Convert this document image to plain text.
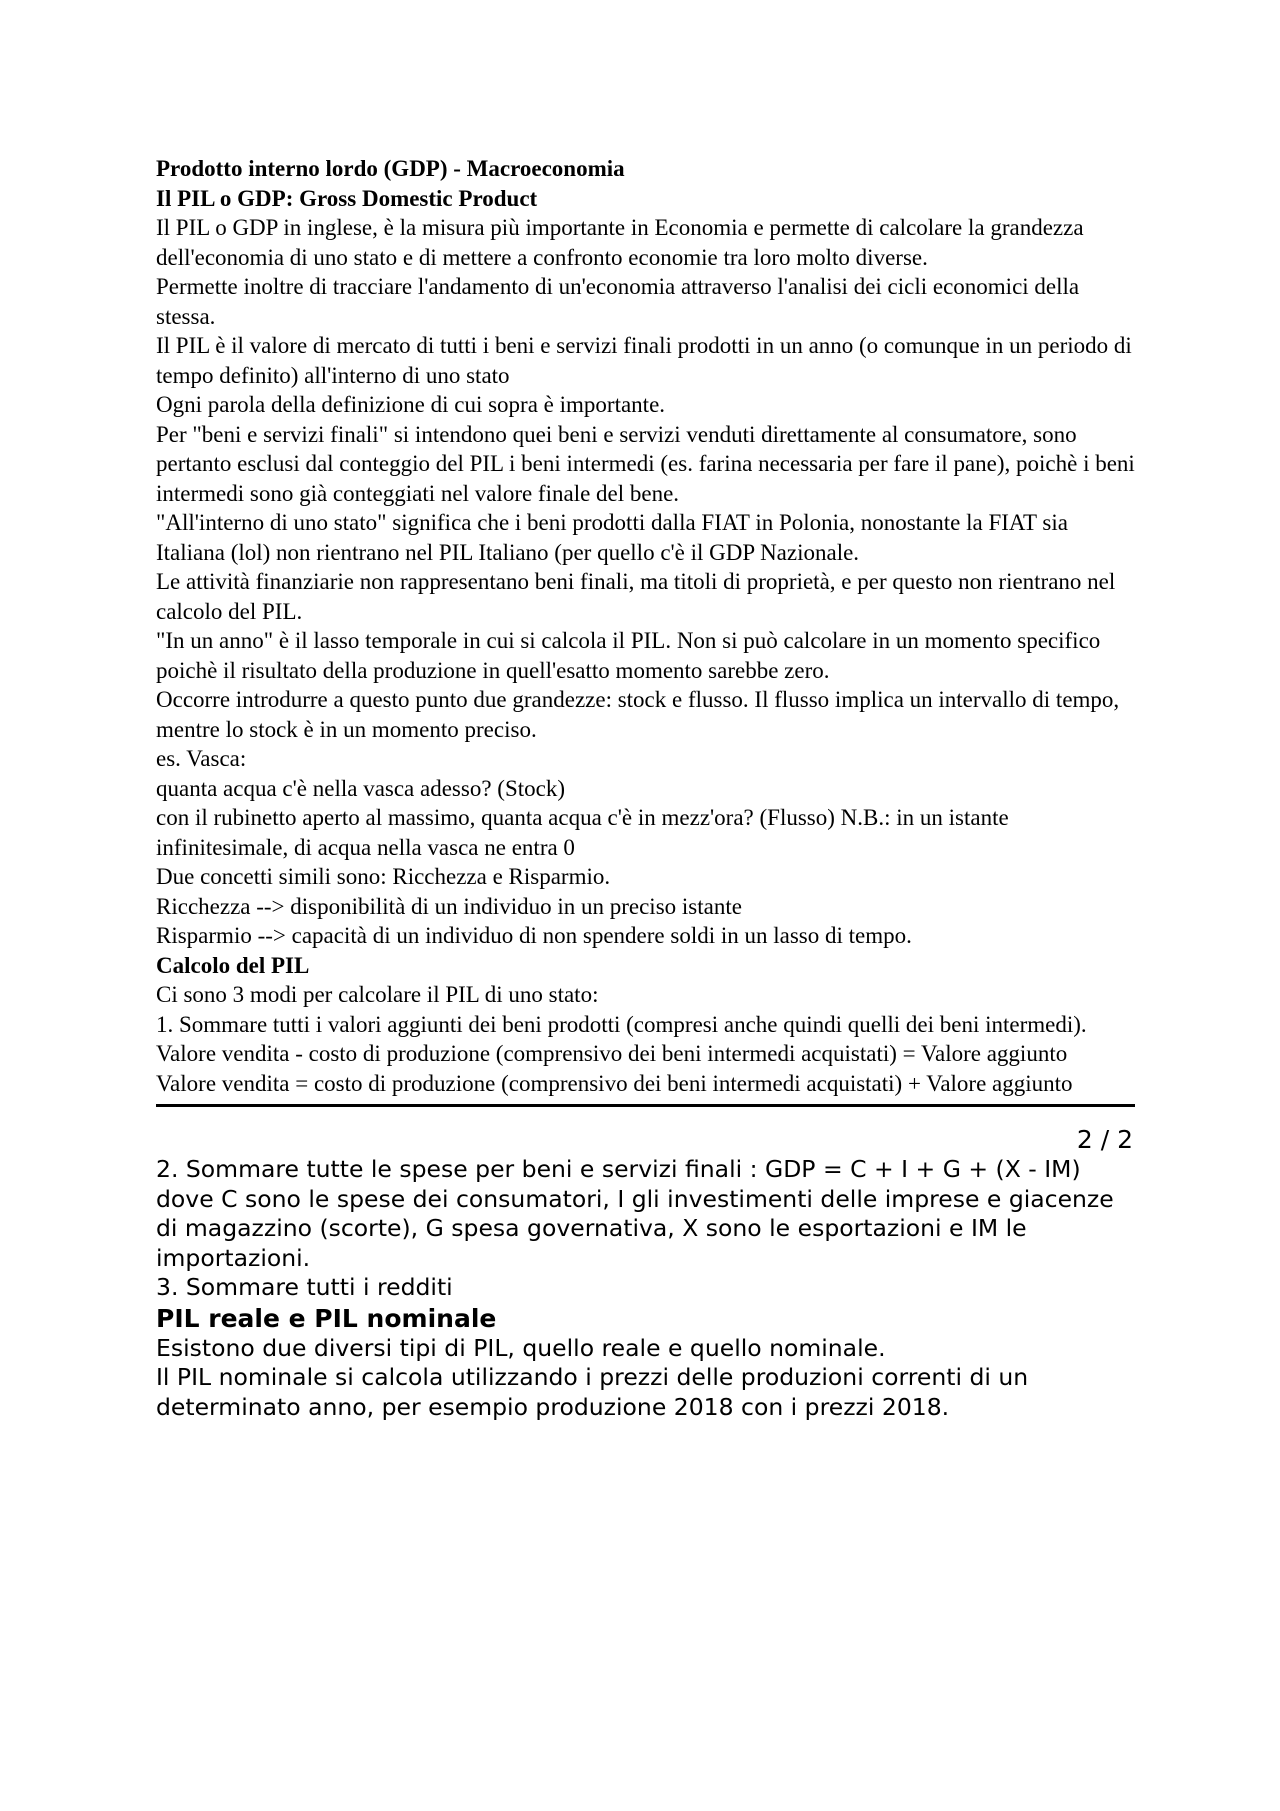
Prodotto interno lordo (GDP) - Macroeconomia

Il PIL o GDP: Gross Domestic Product

Il PIL o GDP in inglese, è la misura più importante in Economia e permette di calcolare la grandezza dell'economia di uno stato e di mettere a confronto economie tra loro molto diverse.

Permette inoltre di tracciare l'andamento di un'economia attraverso l'analisi dei cicli economici della stessa.

Il PIL è il valore di mercato di tutti i beni e servizi finali prodotti in un anno (o comunque in un periodo di tempo definito) all'interno di uno stato

Ogni parola della definizione di cui sopra è importante.

Per "beni e servizi finali" si intendono quei beni e servizi venduti direttamente al consumatore, sono pertanto esclusi dal conteggio del PIL i beni intermedi (es. farina necessaria per fare il pane), poichè i beni intermedi sono già conteggiati nel valore finale del bene.

"All'interno di uno stato" significa che i beni prodotti dalla FIAT in Polonia, nonostante la FIAT sia Italiana (lol) non rientrano nel PIL Italiano (per quello c'è il GDP Nazionale.

Le attività finanziarie non rappresentano beni finali, ma titoli di proprietà, e per questo non rientrano nel calcolo del PIL.

"In un anno" è il lasso temporale in cui si calcola il PIL. Non si può calcolare in un momento specifico poichè il risultato della produzione in quell'esatto momento sarebbe zero.

Occorre introdurre a questo punto due grandezze: stock e flusso. Il flusso implica un intervallo di tempo, mentre lo stock è in un momento preciso.

es. Vasca:

quanta acqua c'è nella vasca adesso? (Stock)

con il rubinetto aperto al massimo, quanta acqua c'è in mezz'ora? (Flusso) N.B.: in un istante infinitesimale, di acqua nella vasca ne entra 0

Due concetti simili sono: Ricchezza e Risparmio.

Ricchezza --> disponibilità di un individuo in un preciso istante

Risparmio --> capacità di un individuo di non spendere soldi in un lasso di tempo.

Calcolo del PIL

Ci sono 3 modi per calcolare il PIL di uno stato:

1. Sommare tutti i valori aggiunti dei beni prodotti (compresi anche quindi quelli dei beni intermedi).

Valore vendita - costo di produzione (comprensivo dei beni intermedi acquistati) = Valore aggiunto

Valore vendita = costo di produzione (comprensivo dei beni intermedi acquistati) + Valore aggiunto

2 / 2

2. Sommare tutte le spese per beni e servizi finali : GDP = C + I + G + (X - IM)

dove C sono le spese dei consumatori, I gli investimenti delle imprese e giacenze di magazzino (scorte), G spesa governativa, X sono le esportazioni e IM le importazioni.

3. Sommare tutti i redditi

PIL reale e PIL nominale

Esistono due diversi tipi di PIL, quello reale e quello nominale.

Il PIL nominale si calcola utilizzando i prezzi delle produzioni correnti di un determinato anno, per esempio produzione 2018 con i prezzi 2018.
